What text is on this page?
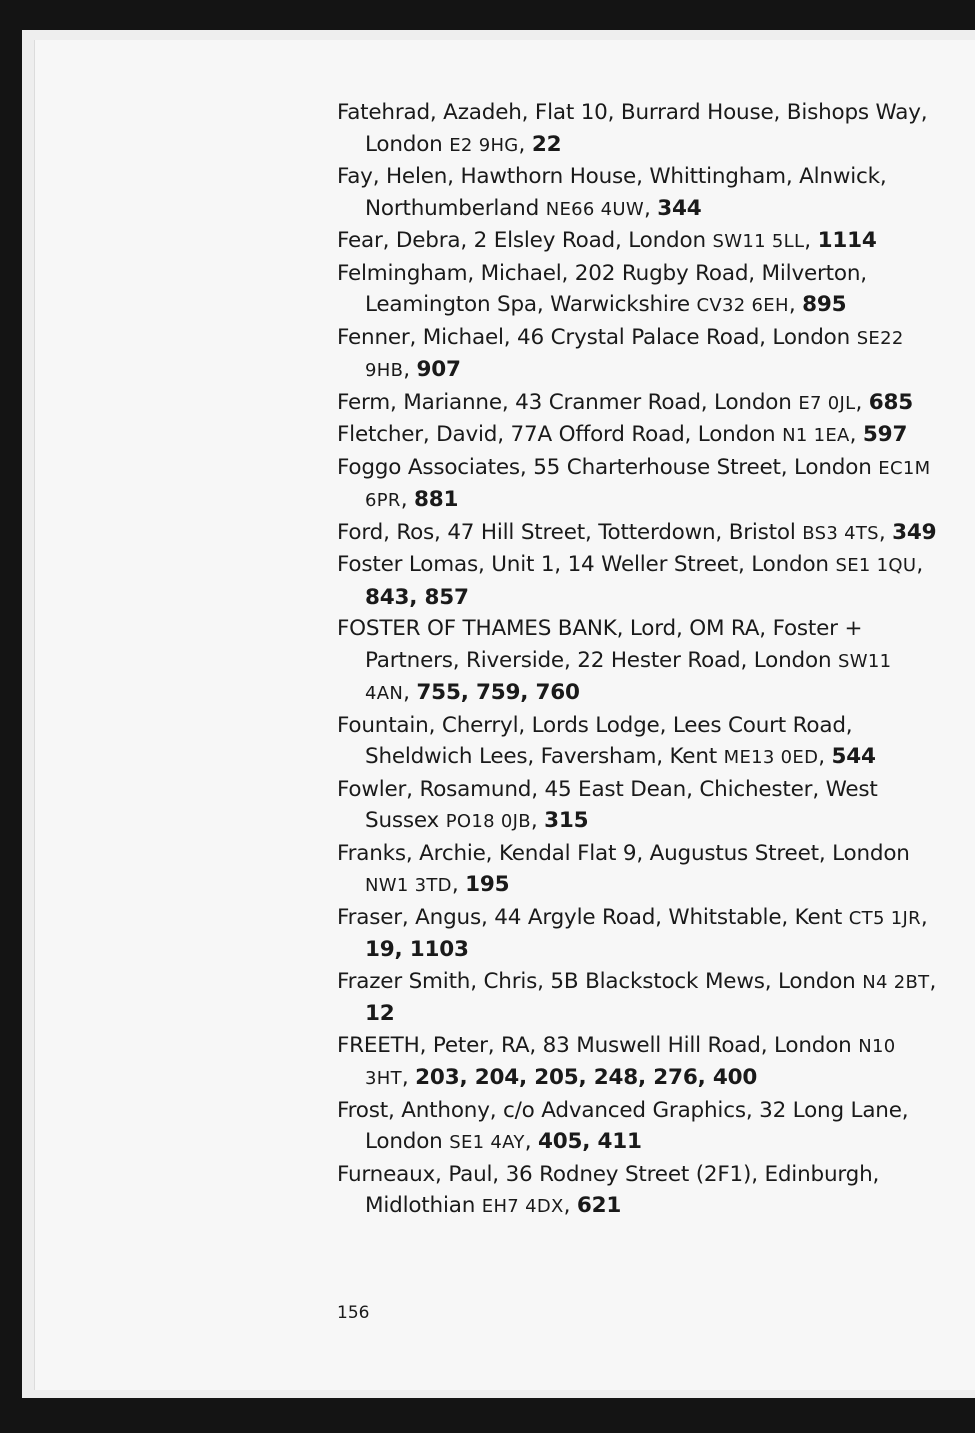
Fatehrad, Azadeh, Flat 10, Burrard House, Bishops Way, London E2 9HG, 22

Fay, Helen, Hawthorn House, Whittingham, Alnwick, Northumberland NE66 4UW, 344

Fear, Debra, 2 Elsley Road, London SW11 5LL, 1114

Felmingham, Michael, 202 Rugby Road, Milverton, Leamington Spa, Warwickshire CV32 6EH, 895

Fenner, Michael, 46 Crystal Palace Road, London SE22 9HB, 907

Ferm, Marianne, 43 Cranmer Road, London E7 0JL, 685

Fletcher, David, 77A Offord Road, London N1 1EA, 597

Foggo Associates, 55 Charterhouse Street, London EC1M 6PR, 881

Ford, Ros, 47 Hill Street, Totterdown, Bristol BS3 4TS, 349

Foster Lomas, Unit 1, 14 Weller Street, London SE1 1QU, 843, 857

FOSTER OF THAMES BANK, Lord, OM RA, Foster + Partners, Riverside, 22 Hester Road, London SW11 4AN, 755, 759, 760

Fountain, Cherryl, Lords Lodge, Lees Court Road, Sheldwich Lees, Faversham, Kent ME13 0ED, 544

Fowler, Rosamund, 45 East Dean, Chichester, West Sussex PO18 0JB, 315

Franks, Archie, Kendal Flat 9, Augustus Street, London NW1 3TD, 195

Fraser, Angus, 44 Argyle Road, Whitstable, Kent CT5 1JR, 19, 1103

Frazer Smith, Chris, 5B Blackstock Mews, London N4 2BT, 12

FREETH, Peter, RA, 83 Muswell Hill Road, London N10 3HT, 203, 204, 205, 248, 276, 400

Frost, Anthony, c/o Advanced Graphics, 32 Long Lane, London SE1 4AY, 405, 411

Furneaux, Paul, 36 Rodney Street (2F1), Edinburgh, Midlothian EH7 4DX, 621

156
